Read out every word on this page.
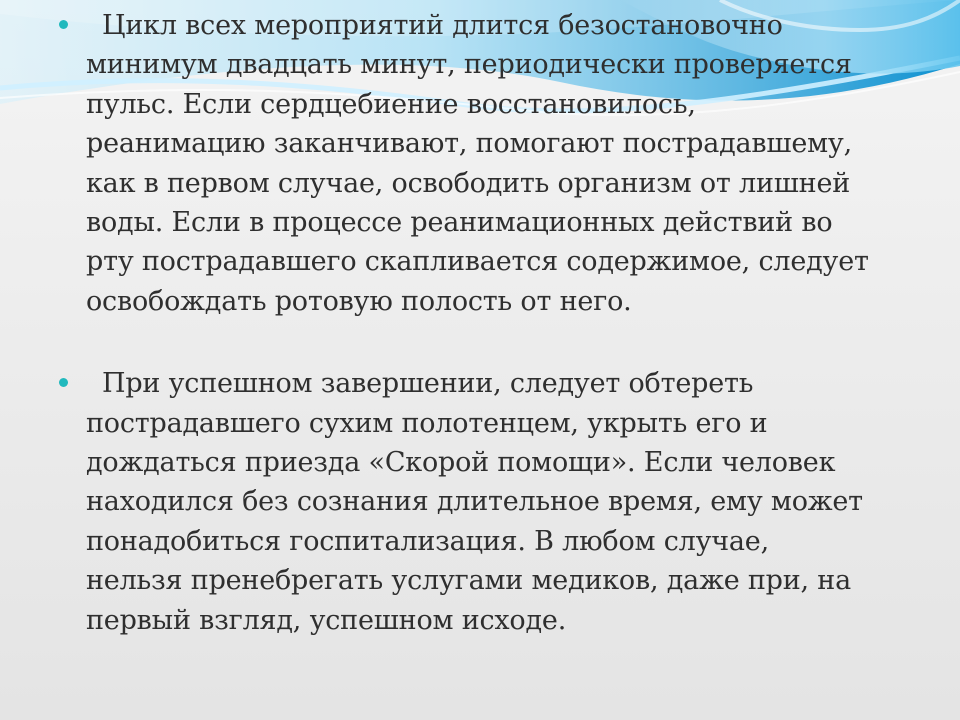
Цикл всех мероприятий длится безостановочно
минимум двадцать минут, периодически проверяется
пульс. Если сердцебиение восстановилось,
реанимацию заканчивают, помогают пострадавшему,
как в первом случае, освободить организм от лишней
воды. Если в процессе реанимационных действий во
рту пострадавшего скапливается содержимое, следует
освобождать ротовую полость от него.
При успешном завершении, следует обтереть
пострадавшего сухим полотенцем, укрыть его и
дождаться приезда «Скорой помощи». Если человек
находился без сознания длительное время, ему может
понадобиться госпитализация. В любом случае,
нельзя пренебрегать услугами медиков, даже при, на
первый взгляд, успешном исходе.
